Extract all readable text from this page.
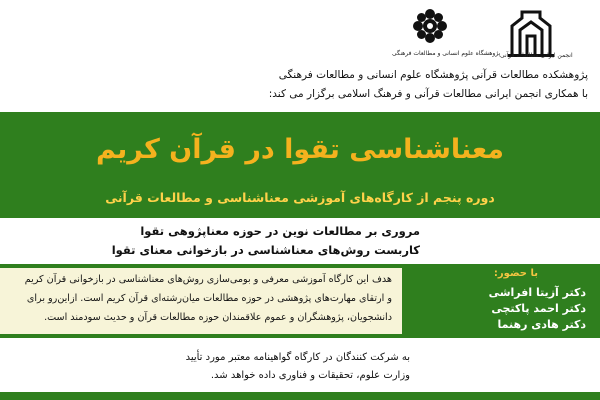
پژوهشگاه علوم انسانی و مطالعات فرهنگی انجمن ایرانی مطالعات قرآنی
پژوهشکده مطالعات قرآنی پژوهشگاه علوم انسانی و مطالعات فرهنگی
با همکاری انجمن ایرانی مطالعات قرآنی و فرهنگ اسلامی برگزار می کند:
معناشناسی تقوا در قرآن کریم
دوره پنجم از کارگاه‌های آموزشی معناشناسی و مطالعات قرآنی
مروری بر مطالعات نوین در حوزه معناپژوهی تقوا
کاربست روش‌های معناشناسی در بازخوانی معنای تقوا
هدف این کارگاه آموزشی معرفی و بومی‌سازی روش‌های معناشناسی در بازخوانی قرآن کریم
و ارتقای مهارت‌های پژوهشی در حوزه مطالعات میان‌رشته‌ای قرآن کریم است. ازاین‌رو برای
دانشجویان، پژوهشگران و عموم علاقمندان حوزه مطالعات قرآن و حدیث سودمند است.
با حضور:
دکتر آزیتا افراشی
دکتر احمد پاکتچی
دکتر هادی رهنما
به شرکت کنندگان در کارگاه گواهینامه معتبر مورد تأیید
وزارت علوم، تحقیقات و فناوری داده خواهد شد.
